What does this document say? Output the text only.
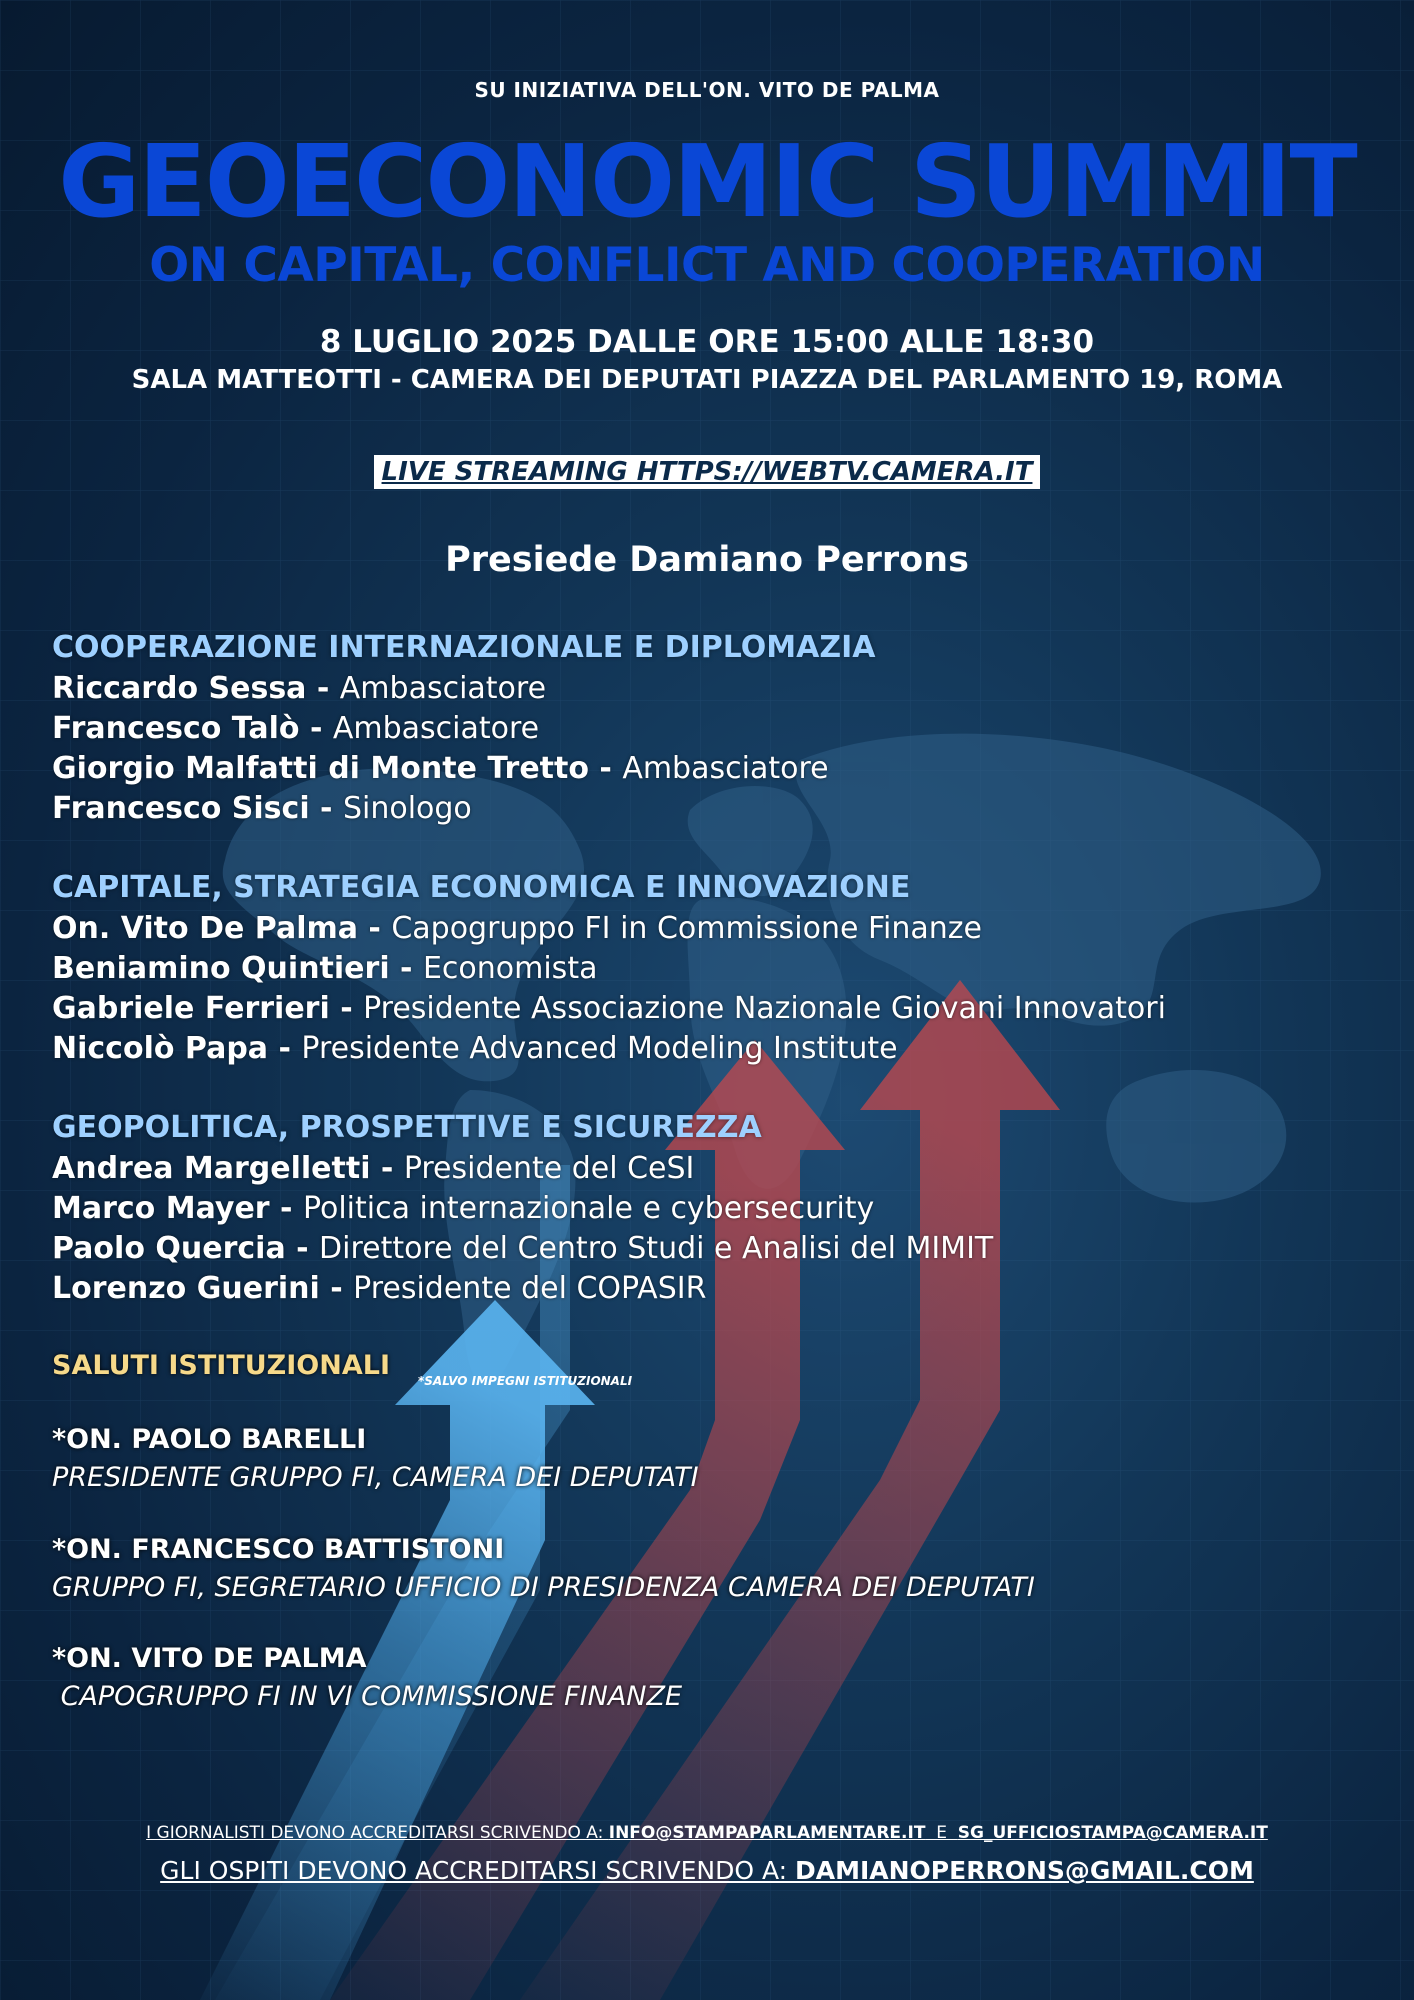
SU INIZIATIVA DELL'ON. VITO DE PALMA
GEOECONOMIC SUMMIT
ON CAPITAL, CONFLICT AND COOPERATION
8 LUGLIO 2025 DALLE ORE 15:00 ALLE 18:30
SALA MATTEOTTI - CAMERA DEI DEPUTATI PIAZZA DEL PARLAMENTO 19, ROMA
LIVE STREAMING HTTPS://WEBTV.CAMERA.IT
Presiede Damiano Perrons
COOPERAZIONE INTERNAZIONALE E DIPLOMAZIA
Riccardo Sessa - Ambasciatore
Francesco Talò - Ambasciatore
Giorgio Malfatti di Monte Tretto - Ambasciatore
Francesco Sisci - Sinologo
CAPITALE, STRATEGIA ECONOMICA E INNOVAZIONE
On. Vito De Palma - Capogruppo FI in Commissione Finanze
Beniamino Quintieri - Economista
Gabriele Ferrieri - Presidente Associazione Nazionale Giovani Innovatori
Niccolò Papa - Presidente Advanced Modeling Institute
GEOPOLITICA, PROSPETTIVE E SICUREZZA
Andrea Margelletti - Presidente del CeSI
Marco Mayer - Politica internazionale e cybersecurity
Paolo Quercia - Direttore del Centro Studi e Analisi del MIMIT
Lorenzo Guerini - Presidente del COPASIR
SALUTI ISTITUZIONALI *SALVO IMPEGNI ISTITUZIONALI
*ON. PAOLO BARELLI
PRESIDENTE GRUPPO FI, CAMERA DEI DEPUTATI
*ON. FRANCESCO BATTISTONI
GRUPPO FI, SEGRETARIO UFFICIO DI PRESIDENZA CAMERA DEI DEPUTATI
*ON. VITO DE PALMA
CAPOGRUPPO FI IN VI COMMISSIONE FINANZE
I GIORNALISTI DEVONO ACCREDITARSI SCRIVENDO A: INFO@STAMPAPARLAMENTARE.IT  E  SG_UFFICIOSTAMPA@CAMERA.IT
GLI OSPITI DEVONO ACCREDITARSI SCRIVENDO A: DAMIANOPERRONS@GMAIL.COM
